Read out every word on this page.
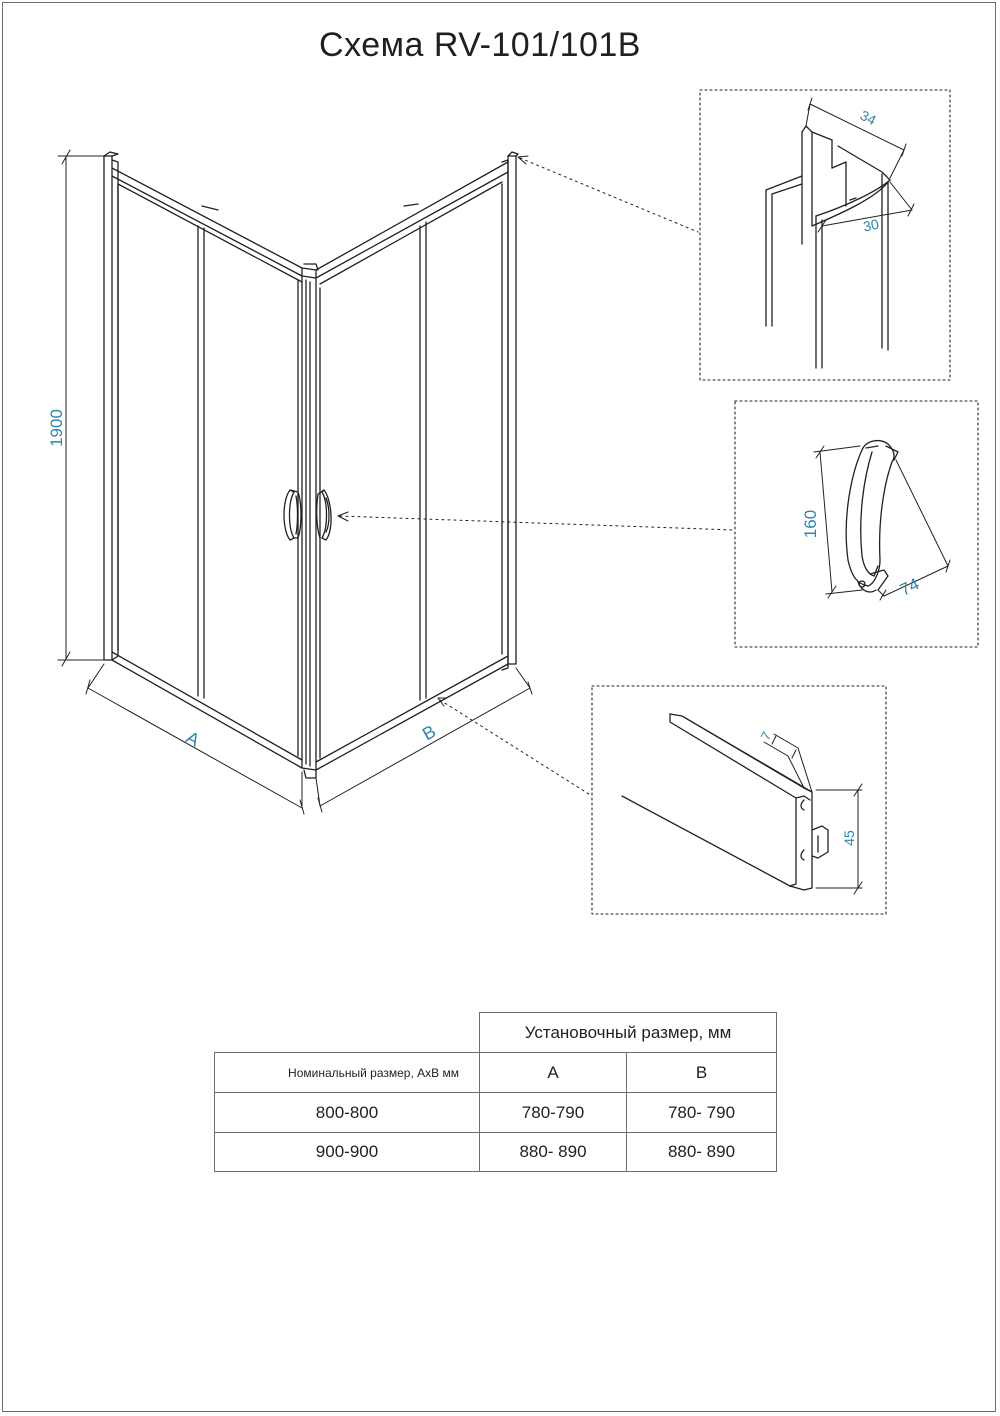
Схема RV-101/101B
1900
A	B
34
30
160
74
7
45
Установочный размер, мм
Номинальный размер, АхВ мм	A	B
800-800	780-790	780- 790
900-900	880- 890	880- 890
